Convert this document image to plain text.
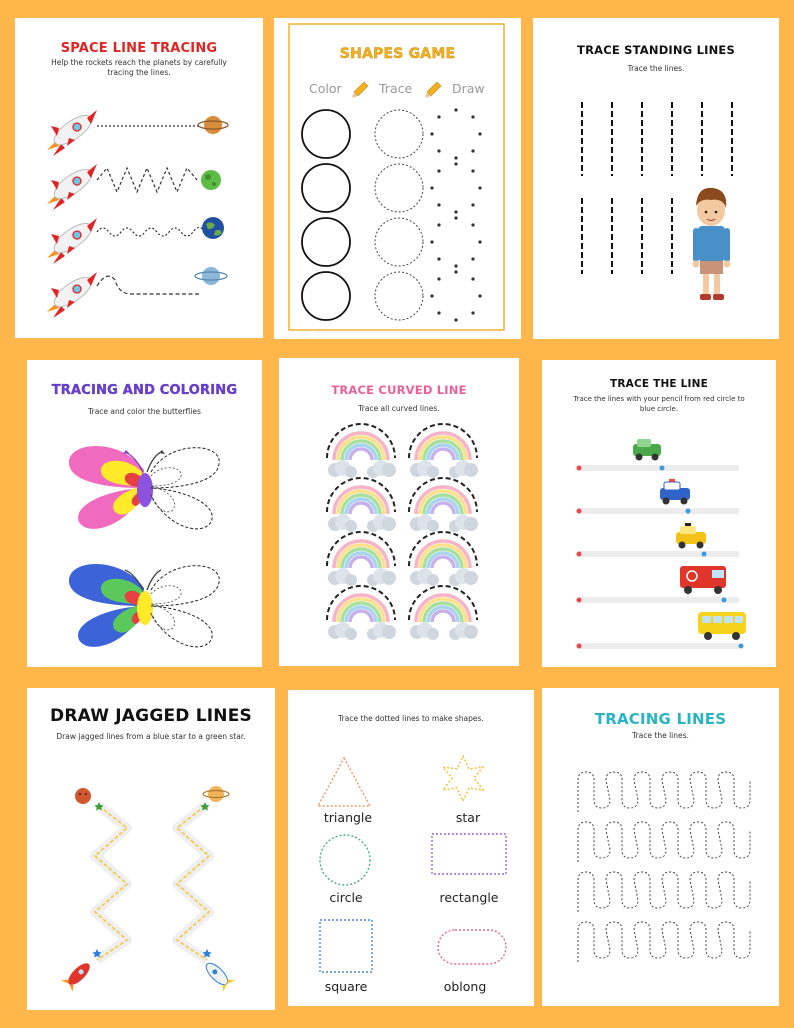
SPACE LINE TRACING
Help the rockets reach the planets by carefully tracing the lines.
SHAPES GAME
Color	Trace	Draw
TRACE STANDING LINES
Trace the lines.
TRACING AND COLORING
Trace and color the butterflies
TRACE CURVED LINE
Trace all curved lines.
TRACE THE LINE
Trace the lines with your pencil from red circle to blue circle.
DRAW JAGGED LINES
Draw jagged lines from a blue star to a green star.
Trace the dotted lines to make shapes.
triangle	star
circle	rectangle
square	oblong
TRACING LINES
Trace the lines.
